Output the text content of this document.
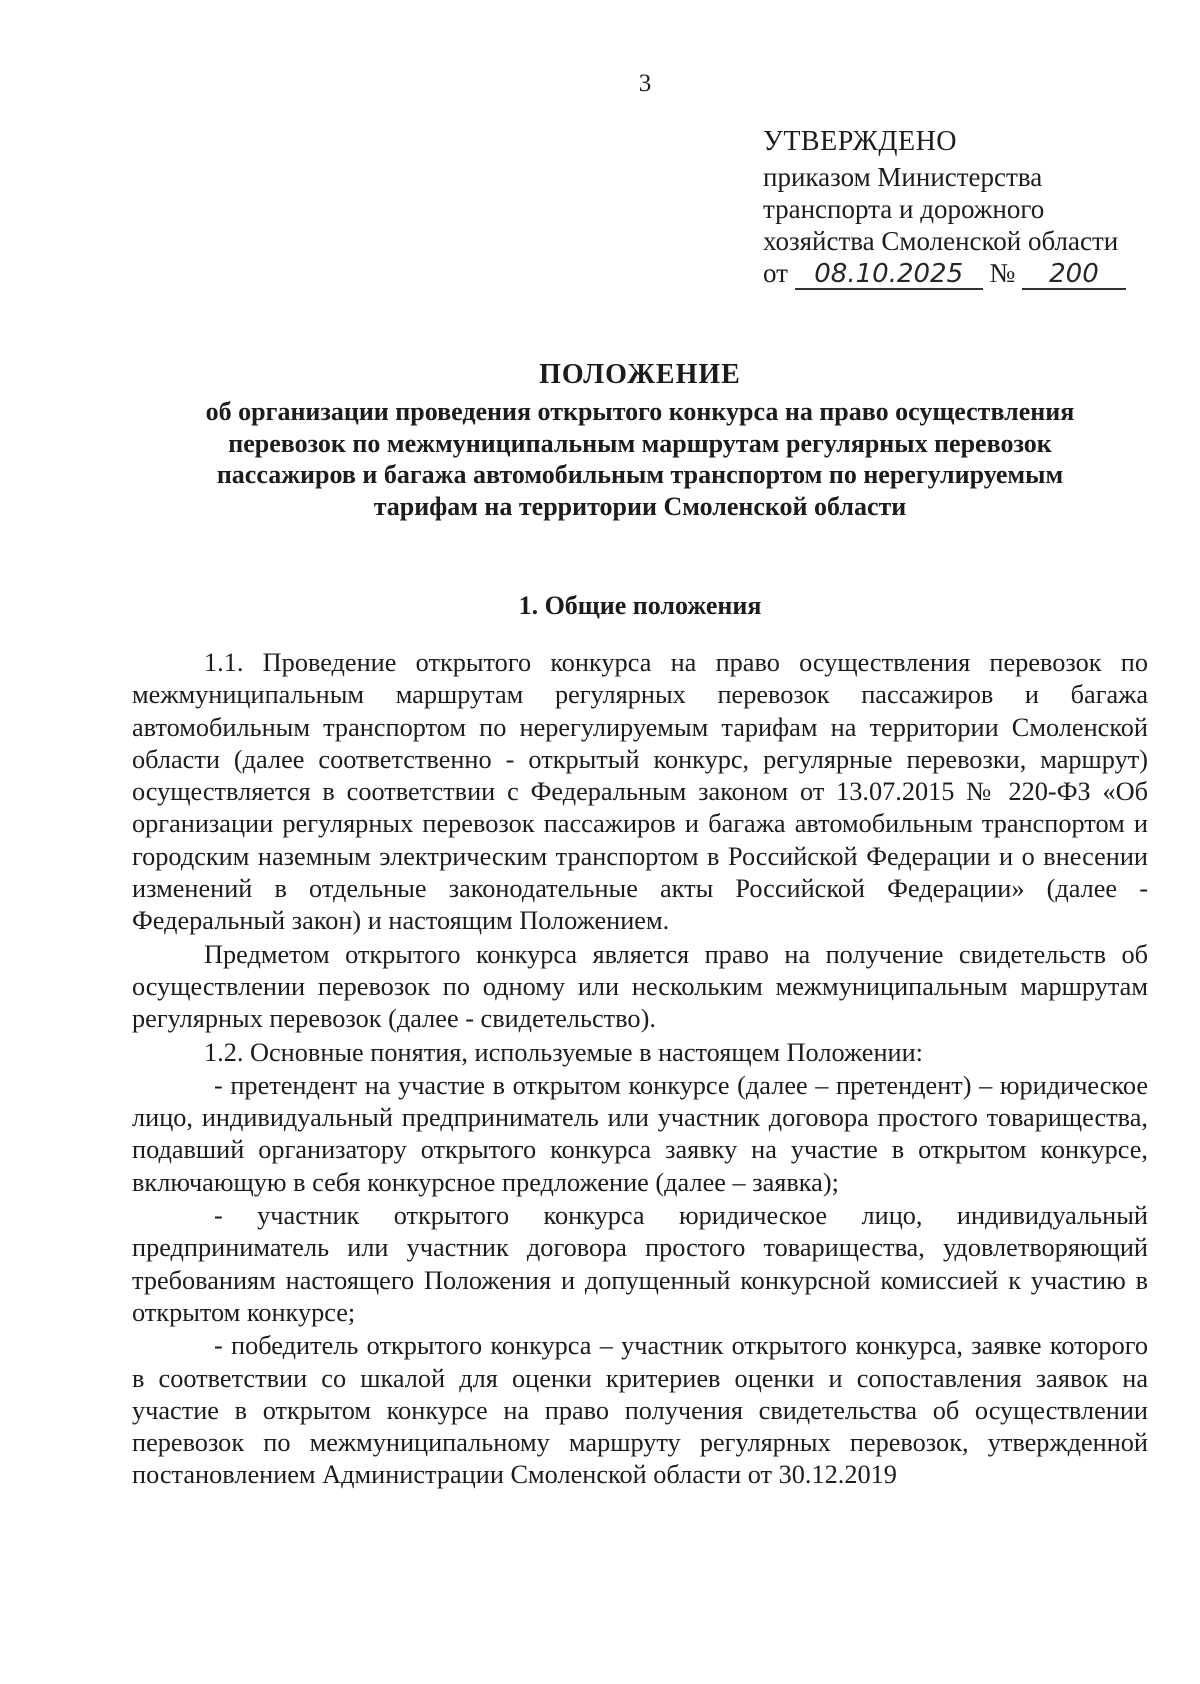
3
УТВЕРЖДЕНО
приказом Министерства
транспорта и дорожного
хозяйства Смоленской области
от 08.10.2025 № 200
ПОЛОЖЕНИЕ
об организации проведения открытого конкурса на право осуществления перевозок по межмуниципальным маршрутам регулярных перевозок пассажиров и багажа автомобильным транспортом по нерегулируемым тарифам на территории Смоленской области
1. Общие положения

1.1. Проведение открытого конкурса на право осуществления перевозок по межмуниципальным маршрутам регулярных перевозок пассажиров и багажа автомобильным транспортом по нерегулируемым тарифам на территории Смоленской области (далее соответственно - открытый конкурс, регулярные перевозки, маршрут) осуществляется в соответствии с Федеральным законом от 13.07.2015 № 220-ФЗ «Об организации регулярных перевозок пассажиров и багажа автомобильным транспортом и городским наземным электрическим транспортом в Российской Федерации и о внесении изменений в отдельные законодательные акты Российской Федерации» (далее - Федеральный закон) и настоящим Положением.

Предметом открытого конкурса является право на получение свидетельств об осуществлении перевозок по одному или нескольким межмуниципальным маршрутам регулярных перевозок (далее - свидетельство).

1.2. Основные понятия, используемые в настоящем Положении:

- претендент на участие в открытом конкурсе (далее – претендент) – юридическое лицо, индивидуальный предприниматель или участник договора простого товарищества, подавший организатору открытого конкурса заявку на участие в открытом конкурсе, включающую в себя конкурсное предложение (далее – заявка);

- участник открытого конкурса юридическое лицо, индивидуальный предприниматель или участник договора простого товарищества, удовлетворяющий требованиям настоящего Положения и допущенный конкурсной комиссией к участию в открытом конкурсе;

- победитель открытого конкурса – участник открытого конкурса, заявке которого в соответствии со шкалой для оценки критериев оценки и сопоставления заявок на участие в открытом конкурсе на право получения свидетельства об осуществлении перевозок по межмуниципальному маршруту регулярных перевозок, утвержденной постановлением Администрации Смоленской области от 30.12.2019
